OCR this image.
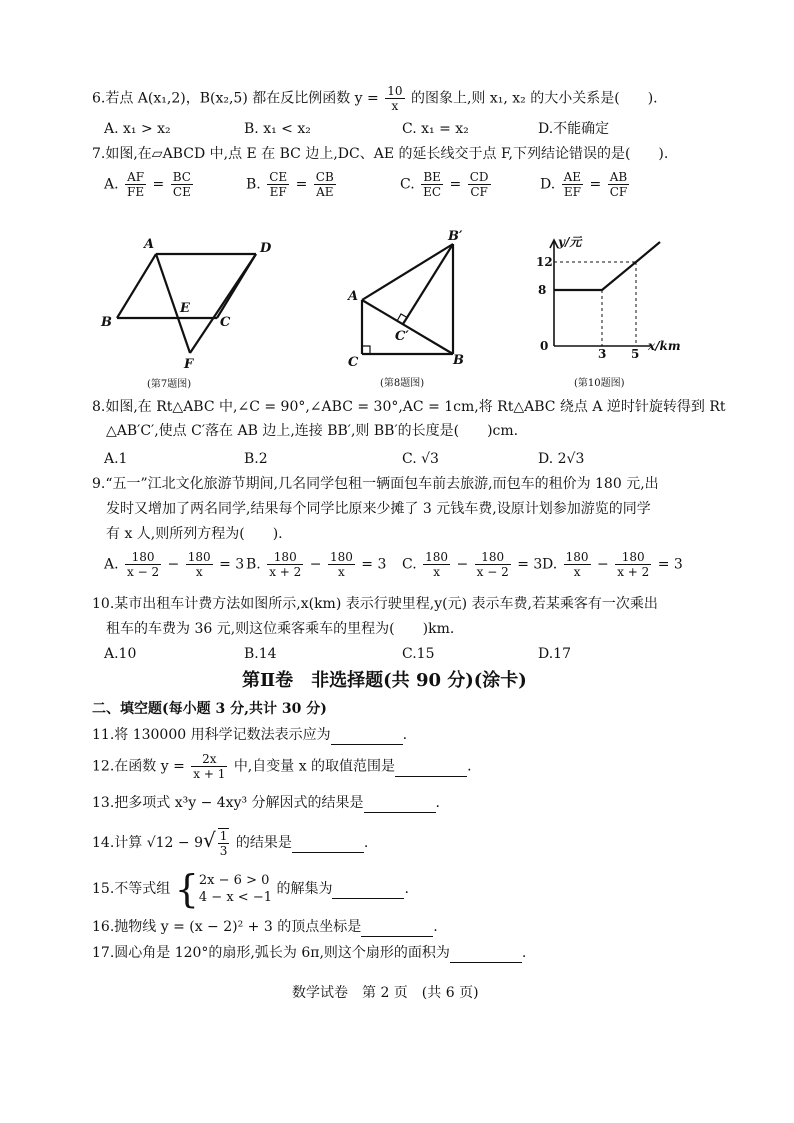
6.若点 A(x₁,2)，B(x₂,5) 都在反比例函数 $y = \frac{10}{x}$ 的图象上,则 x₁, x₂ 的大小关系是(　　).
A. x₁ > x₂	B. x₁ < x₂	C. x₁ = x₂	D.不能确定
7.如图,在▱ABCD 中,点 E 在 BC 边上,DC、AE 的延长线交于点 F,下列结论错误的是(　　).
A. $\frac{AF}{FE} = \frac{BC}{CE}$	B. $\frac{CE}{EF} = \frac{CB}{AE}$	C. $\frac{BE}{EC} = \frac{CD}{CF}$	D. $\frac{AE}{EF} = \frac{AB}{CF}$
A	D
B
E
C
F
(第7题图)
B′
A
C′
C	B
(第8题图)
y/元
12
8
0
3 5
x/km
(第10题图)
8.如图,在 Rt△ABC 中,∠C = 90°,∠ABC = 30°,AC = 1cm,将 Rt△ABC 绕点 A 逆时针旋转得到 Rt
△AB′C′,使点 C′落在 AB 边上,连接 BB′,则 BB′的长度是(　　)cm.
A.1	B.2	C. √3	D. 2√3
9.“五一”江北文化旅游节期间,几名同学包租一辆面包车前去旅游,而包车的租价为 180 元,出
发时又增加了两名同学,结果每个同学比原来少摊了 3 元钱车费,设原计划参加游览的同学
有 x 人,则所列方程为(　　).
A. $\frac{180}{x - 2} - \frac{180}{x} = 3$ B. $\frac{180}{x + 2} - \frac{180}{x} = 3$ C. $\frac{180}{x} - \frac{180}{x - 2} = 3$ D. $\frac{180}{x} - \frac{180}{x + 2} = 3$
10.某市出租车计费方法如图所示,x(km) 表示行驶里程,y(元) 表示车费,若某乘客有一次乘出
租车的车费为 36 元,则这位乘客乘车的里程为(　　)km.
A.10	B.14	C.15	D.17
第Ⅱ卷　非选择题(共 90 分)(涂卡)
二、填空题(每小题 3 分,共计 30 分)
11.将 130000 用科学记数法表示应为	.
12.在函数 $y = \frac{2x}{x + 1}$ 中,自变量 x 的取值范围是	.
13.把多项式 x³y − 4xy³ 分解因式的结果是	.
14.计算 $√12 - 9√ \frac{1}{3}$ 的结果是	.
15.不等式组 { 2x − 6 > 0
4 − x < −1
的解集为	.
16.抛物线 y = (x − 2)² + 3 的顶点坐标是	.
17.圆心角是 120°的扇形,弧长为 6π,则这个扇形的面积为	.
数学试卷　第 2 页　(共 6 页)
